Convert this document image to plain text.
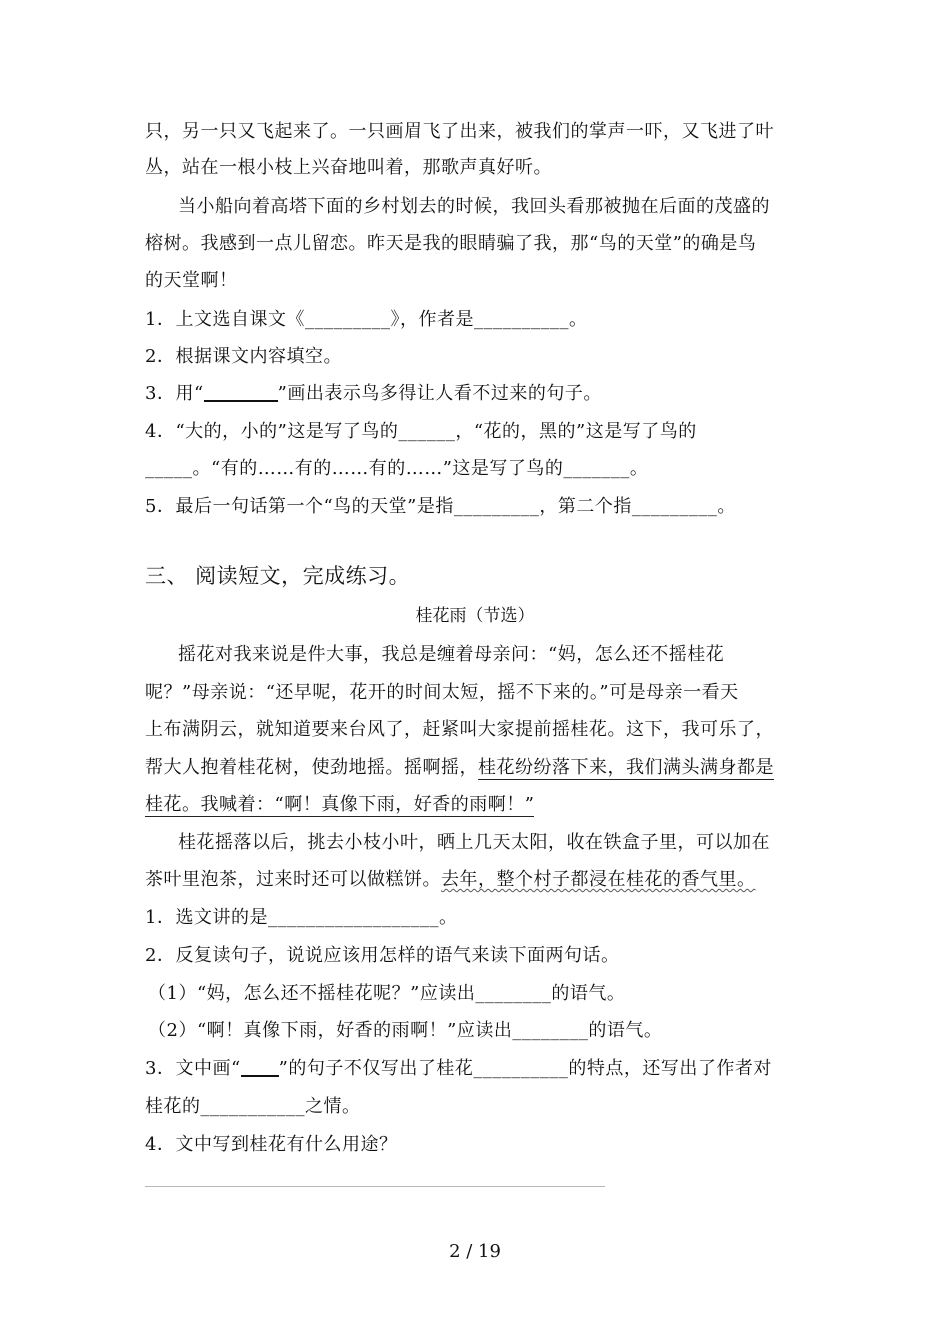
只，另一只又飞起来了。一只画眉飞了出来，被我们的掌声一吓，又飞进了叶
丛，站在一根小枝上兴奋地叫着，那歌声真好听。
当小船向着高塔下面的乡村划去的时候，我回头看那被抛在后面的茂盛的
榕树。我感到一点儿留恋。昨天是我的眼睛骗了我，那“鸟的天堂”的确是鸟
的天堂啊！
1．上文选自课文《_________》，作者是__________。
2．根据课文内容填空。
3．用“	”画出表示鸟多得让人看不过来的句子。
4．“大的，小的”这是写了鸟的______，“花的，黑的”这是写了鸟的
_____。“有的……有的……有的……”这是写了鸟的_______。
5．最后一句话第一个“鸟的天堂”是指_________，第二个指_________。
三、 阅读短文，完成练习。
桂花雨（节选）
摇花对我来说是件大事，我总是缠着母亲问：“妈，怎么还不摇桂花
呢？”母亲说：“还早呢，花开的时间太短，摇不下来的。”可是母亲一看天
上布满阴云，就知道要来台风了，赶紧叫大家提前摇桂花。这下，我可乐了，
帮大人抱着桂花树，使劲地摇。摇啊摇，桂花纷纷落下来，我们满头满身都是
桂花。我喊着：“啊！真像下雨，好香的雨啊！”
桂花摇落以后，挑去小枝小叶，晒上几天太阳，收在铁盒子里，可以加在
茶叶里泡茶，过来时还可以做糕饼。去年，整个村子都浸在桂花的香气里。
1．选文讲的是__________________。
2．反复读句子，说说应该用怎样的语气来读下面两句话。
（1）“妈，怎么还不摇桂花呢？”应读出________的语气。
（2）“啊！真像下雨，好香的雨啊！”应读出________的语气。
3．文中画“ ”的句子不仅写出了桂花__________的特点，还写出了作者对
桂花的___________之情。
4．文中写到桂花有什么用途？
2 / 19
